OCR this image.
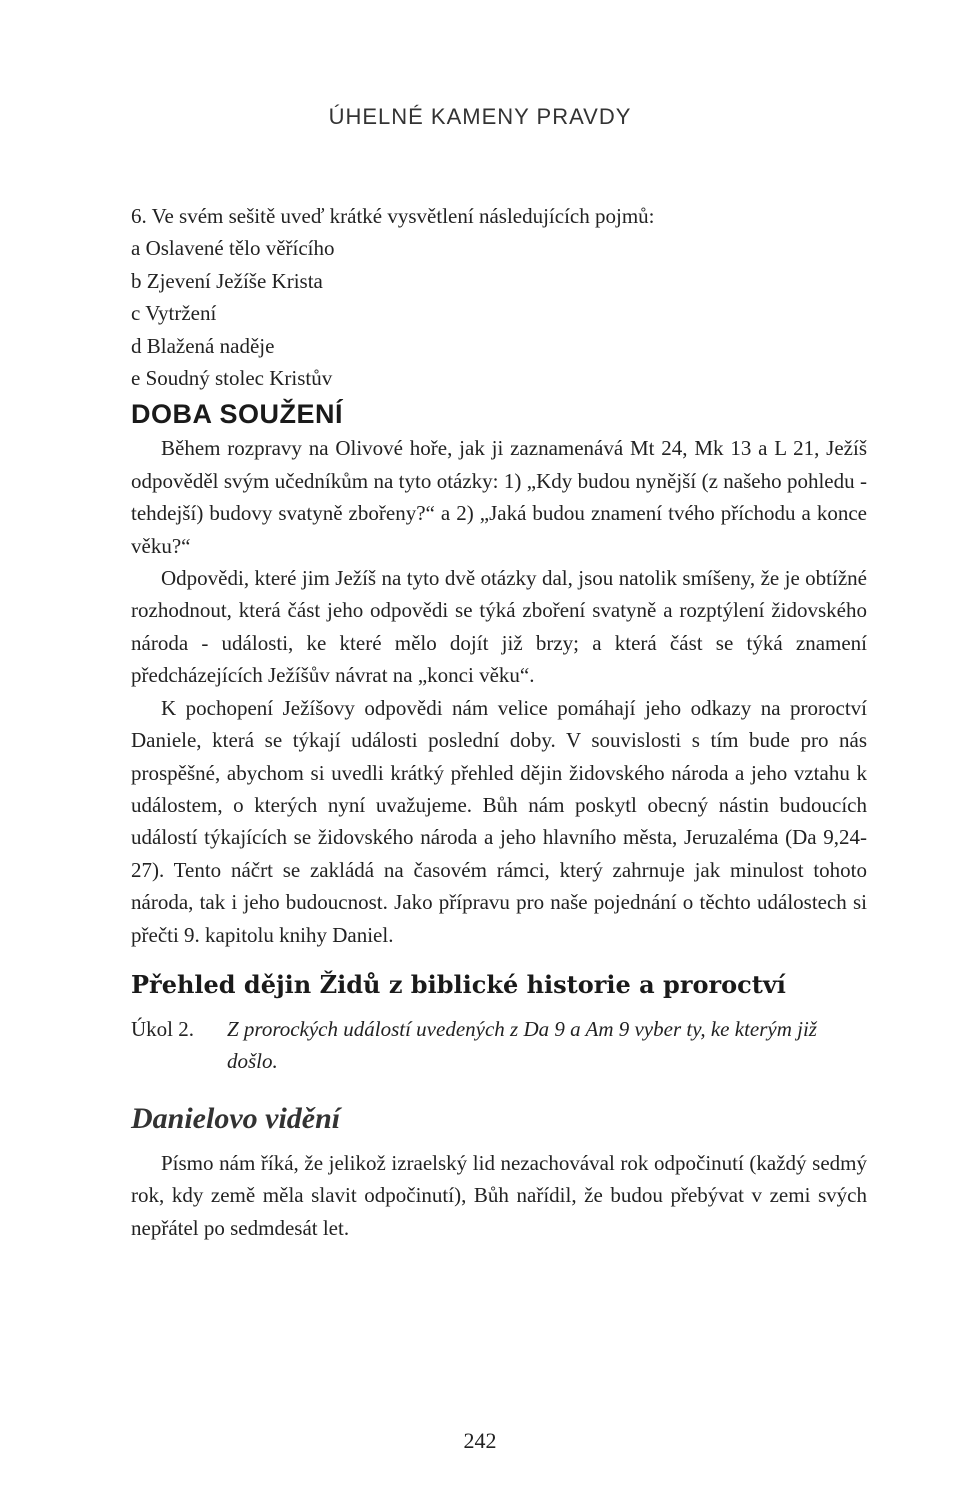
ÚHELNÉ KAMENY PRAVDY

6. Ve svém sešitě uveď krátké vysvětlení následujících pojmů:

a Oslavené tělo věřícího

b Zjevení Ježíše Krista

c Vytržení

d Blažená naděje

e Soudný stolec Kristův

DOBA SOUŽENÍ

Během rozpravy na Olivové hoře, jak ji zaznamenává Mt 24, Mk 13 a L 21, Ježíš odpověděl svým učedníkům na tyto otázky: 1) „Kdy budou nynější (z našeho pohledu - tehdejší) budovy svatyně zbořeny?“ a 2) „Jaká budou znamení tvého příchodu a konce věku?“

Odpovědi, které jim Ježíš na tyto dvě otázky dal, jsou natolik smíšeny, že je obtížné rozhodnout, která část jeho odpovědi se týká zboření svatyně a rozptýlení židovského národa - události, ke které mělo dojít již brzy; a která část se týká znamení předcházejících Ježíšův návrat na „konci věku“.

K pochopení Ježíšovy odpovědi nám velice pomáhají jeho odkazy na proroctví Daniele, která se týkají události poslední doby. V souvislosti s tím bude pro nás prospěšné, abychom si uvedli krátký přehled dějin židovského národa a jeho vztahu k událostem, o kterých nyní uvažujeme. Bůh nám poskytl obecný nástin budoucích událostí týkajících se židovského národa a jeho hlavního města, Jeruzaléma (Da 9,24-27). Tento náčrt se zakládá na časovém rámci, který zahrnuje jak minulost tohoto národa, tak i jeho budoucnost. Jako přípravu pro naše pojednání o těchto událostech si přečti 9. kapitolu knihy Daniel.

Přehled dějin Židů z biblické historie a proroctví
Úkol 2.	Z prorockých událostí uvedených z Da 9 a Am 9 vyber ty, ke kterým již došlo.
Danielovo vidění

Písmo nám říká, že jelikož izraelský lid nezachovával rok odpočinutí (každý sedmý rok, kdy země měla slavit odpočinutí), Bůh nařídil, že budou přebývat v zemi svých nepřátel po sedmdesát let.

242
